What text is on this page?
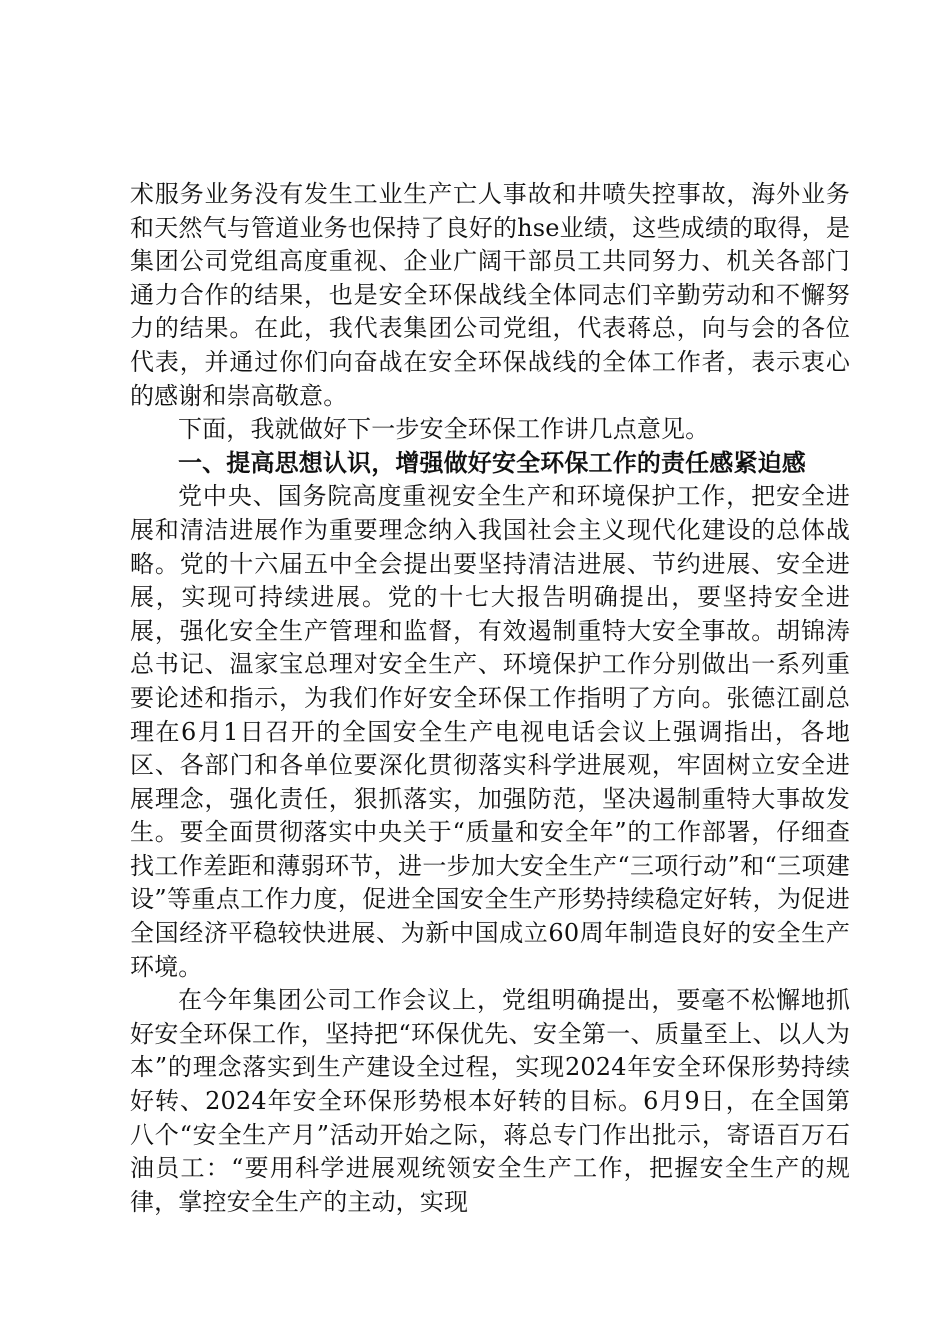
术服务业务没有发生工业生产亡人事故和井喷失控事故，海外业务和天然气与管道业务也保持了良好的hse业绩，这些成绩的取得，是集团公司党组高度重视、企业广阔干部员工共同努力、机关各部门通力合作的结果，也是安全环保战线全体同志们辛勤劳动和不懈努力的结果。在此，我代表集团公司党组，代表蒋总，向与会的各位代表，并通过你们向奋战在安全环保战线的全体工作者，表示衷心的感谢和崇高敬意。

下面，我就做好下一步安全环保工作讲几点意见。

一、提高思想认识，增强做好安全环保工作的责任感紧迫感

党中央、国务院高度重视安全生产和环境保护工作，把安全进展和清洁进展作为重要理念纳入我国社会主义现代化建设的总体战略。党的十六届五中全会提出要坚持清洁进展、节约进展、安全进展，实现可持续进展。党的十七大报告明确提出，要坚持安全进展，强化安全生产管理和监督，有效遏制重特大安全事故。胡锦涛总书记、温家宝总理对安全生产、环境保护工作分别做出一系列重要论述和指示，为我们作好安全环保工作指明了方向。张德江副总理在6月1日召开的全国安全生产电视电话会议上强调指出，各地区、各部门和各单位要深化贯彻落实科学进展观，牢固树立安全进展理念，强化责任，狠抓落实，加强防范，坚决遏制重特大事故发生。要全面贯彻落实中央关于“质量和安全年”的工作部署，仔细查找工作差距和薄弱环节，进一步加大安全生产“三项行动”和“三项建设”等重点工作力度，促进全国安全生产形势持续稳定好转，为促进全国经济平稳较快进展、为新中国成立60周年制造良好的安全生产环境。

在今年集团公司工作会议上，党组明确提出，要毫不松懈地抓好安全环保工作，坚持把“环保优先、安全第一、质量至上、以人为本”的理念落实到生产建设全过程，实现2024年安全环保形势持续好转、2024年安全环保形势根本好转的目标。6月9日，在全国第八个“安全生产月”活动开始之际，蒋总专门作出批示，寄语百万石油员工：“要用科学进展观统领安全生产工作，把握安全生产的规律，掌控安全生产的主动，实现
